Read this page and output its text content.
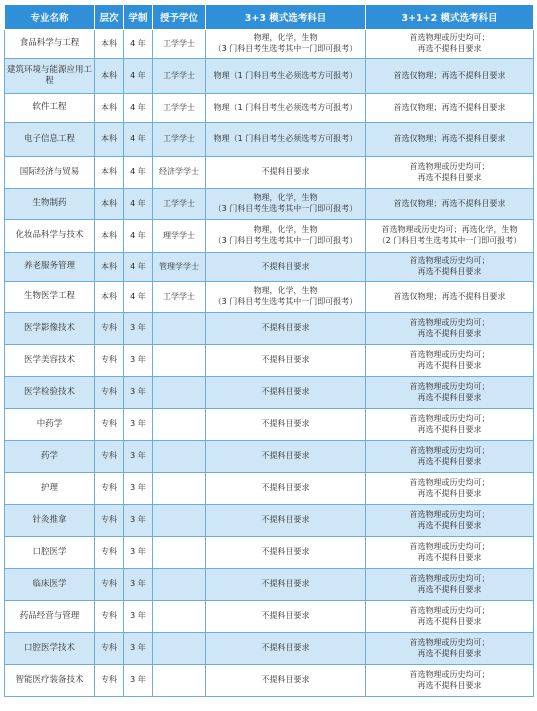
专业名称	层次	学制	授予学位	3+3 模式选考科目	3+1+2 模式选考科目
食品科学与工程	本科	4 年	工学学士	物理，化学，生物
（3 门科目考生选考其中一门即可报考）	首选物理或历史均可；
再选不提科目要求

建筑环境与能源应用工程	本科	4 年	工学学士	物理（1 门科目考生必须选考方可报考）	首选仅物理；再选不提科目要求

软件工程	本科	4 年	工学学士	物理（1 门科目考生必须选考方可报考）	首选仅物理；再选不提科目要求

电子信息工程	本科	4 年	工学学士	物理（1 门科目考生必须选考方可报考）	首选仅物理；再选不提科目要求

国际经济与贸易	本科	4 年	经济学学士	不提科目要求	首选物理或历史均可；
再选不提科目要求

生物制药	本科	4 年	工学学士	物理，化学，生物
（3 门科目考生选考其中一门即可报考）	首选仅物理；再选不提科目要求

化妆品科学与技术	本科	4 年	理学学士	物理，化学，生物
（3 门科目考生选考其中一门即可报考）	首选物理或历史均可；再选化学，生物
（2 门科目考生选考其中一门即可报考）

养老服务管理	本科	4 年	管理学学士	不提科目要求	首选物理或历史均可；
再选不提科目要求

生物医学工程	本科	4 年	工学学士	物理，化学，生物
（3 门科目考生选考其中一门即可报考）	首选仅物理；再选不提科目要求

医学影像技术	专科	3 年		不提科目要求	首选物理或历史均可；
再选不提科目要求

医学美容技术	专科	3 年		不提科目要求	首选物理或历史均可；
再选不提科目要求

医学检验技术	专科	3 年		不提科目要求	首选物理或历史均可；
再选不提科目要求

中药学	专科	3 年		不提科目要求	首选物理或历史均可；
再选不提科目要求

药学	专科	3 年		不提科目要求	首选物理或历史均可；
再选不提科目要求

护理	专科	3 年		不提科目要求	首选物理或历史均可；
再选不提科目要求

针灸推拿	专科	3 年		不提科目要求	首选物理或历史均可；
再选不提科目要求

口腔医学	专科	3 年		不提科目要求	首选物理或历史均可；
再选不提科目要求

临床医学	专科	3 年		不提科目要求	首选物理或历史均可；
再选不提科目要求

药品经营与管理	专科	3 年		不提科目要求	首选物理或历史均可；
再选不提科目要求

口腔医学技术	专科	3 年		不提科目要求	首选物理或历史均可；
再选不提科目要求

智能医疗装备技术	专科	3 年		不提科目要求	首选物理或历史均可；
再选不提科目要求
